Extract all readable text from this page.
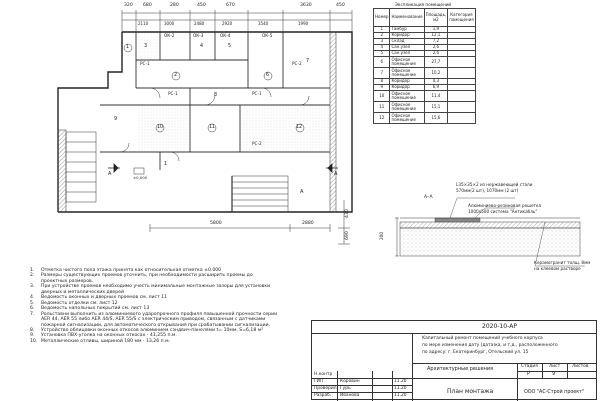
320 680	280	450	670	3630	450
2110	3000	2480	2920	3540	1990
ОК-2	ОК-3	ОК-4	ОК-5
РС-1	РС-2
РС-1	РС-1
РС-2
1
2
3	4	5
6
7
8
9
10	11	12
A	A
1
A
±0,000
430
690
5800	2880
Экспликация помещений
Номер	Наименование	Площадь, м2	Категория помещения
1	Тамбур	1,9	
2	Коридор	12,1	
3	Склад	7,2	
4	Сан.узел	2,6	
5	Сан.узел	2,6	
6	Офисное помещение	27,7	
7	Офисное помещение	10,2	
8	Коридор	4,3	
9	Коридор	6,9	
10	Офисное помещение	11,4	
11	Офисное помещение	15,1	
12	Офисное помещение	15,6	
A–A
L35×35×2 из нержавеющей стали
570мм(2 шт), 1070мм (2 шт)
Алюминиево-резиновая решетка
1000х500 система "Антикабль"
200
Керамогранит толщ. 8мм
на клеевом растворе
1.	Отметка чистого пола этажа принята как относительная отметка ±0.000
2.	Размеры существующих проемов уточнить, при необходимости расширить проемы до
проектных размеров.
3.	При устройстве проемов необходимо учесть минимальные монтажные зазоры для установки
дверных и металлических дверей
4.	Ведомость оконных и дверных проемов см. лист 11
5.	Ведомость отделки см. лист 12
6.	Ведомость напольных покрытий см. лист 13
7.	Рольставни выполнить из алюминиевого ударопрочного профиля повышенной прочности серии
AER 44, AER 55 либо AER 44/S, AER 55/S с электрическим приводом, связанным с датчиками
пожарной сигнализации, для автоматического открывания при срабатывании сигнализации.
8.	Устройство облицовки оконных откосов алюминием сэндвич-панелями t= 10мм, S=6,18 м²
9.	Установка ПВХ-уголка на оконных откосах - 41,255 п.м.
10. Металлические отливы, шириной 180 мм - 13,26 п.м.
2020-10-АР
Капитальный ремонт помещений учебного корпуса
по мере изменения дату (дата)ка, и т.д., расположенного
по адресу: г. Екатеринбург, Отельский ул. 15
Архитектурные решения
План монтажа
Стадия	Лист	Листов
Р	9
ООО "АС-Строй проект"
Н.контр
ГИП
Проверил
Разраб.
Коровин
Гурь
Иванова
11.20
11.20
11.20
